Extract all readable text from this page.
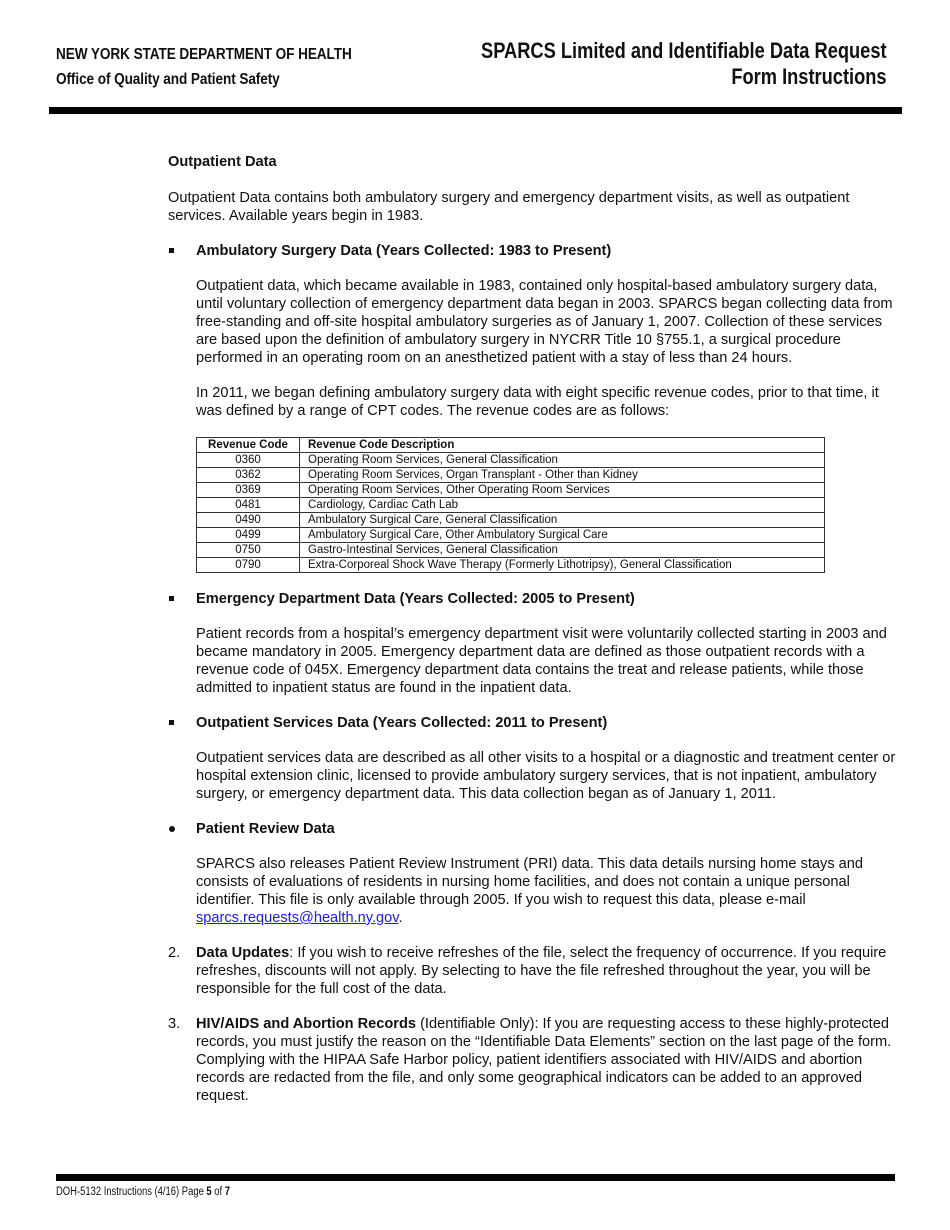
NEW YORK STATE DEPARTMENT OF HEALTH
Office of Quality and Patient Safety
SPARCS Limited and Identifiable Data Request
Form Instructions
Outpatient Data

Outpatient Data contains both ambulatory surgery and emergency department visits, as well as outpatient services. Available years begin in 1983.

Ambulatory Surgery Data (Years Collected: 1983 to Present)

Outpatient data, which became available in 1983, contained only hospital-based ambulatory surgery data, until voluntary collection of emergency department data began in 2003. SPARCS began collecting data from free-standing and off-site hospital ambulatory surgeries as of January 1, 2007. Collection of these services are based upon the definition of ambulatory surgery in NYCRR Title 10 §755.1, a surgical procedure performed in an operating room on an anesthetized patient with a stay of less than 24 hours.

In 2011, we began defining ambulatory surgery data with eight specific revenue codes, prior to that time, it was defined by a range of CPT codes. The revenue codes are as follows:

Revenue Code	Revenue Code Description
0360	Operating Room Services, General Classification
0362	Operating Room Services, Organ Transplant - Other than Kidney
0369	Operating Room Services, Other Operating Room Services
0481	Cardiology, Cardiac Cath Lab
0490	Ambulatory Surgical Care, General Classification
0499	Ambulatory Surgical Care, Other Ambulatory Surgical Care
0750	Gastro-Intestinal Services, General Classification
0790	Extra-Corporeal Shock Wave Therapy (Formerly Lithotripsy), General Classification
Emergency Department Data (Years Collected: 2005 to Present)

Patient records from a hospital’s emergency department visit were voluntarily collected starting in 2003 and became mandatory in 2005. Emergency department data are defined as those outpatient records with a revenue code of 045X. Emergency department data contains the treat and release patients, while those admitted to inpatient status are found in the inpatient data.

Outpatient Services Data (Years Collected: 2011 to Present)

Outpatient services data are described as all other visits to a hospital or a diagnostic and treatment center or hospital extension clinic, licensed to provide ambulatory surgery services, that is not inpatient, ambulatory surgery, or emergency department data. This data collection began as of January 1, 2011.

Patient Review Data

SPARCS also releases Patient Review Instrument (PRI) data. This data details nursing home stays and consists of evaluations of residents in nursing home facilities, and does not contain a unique personal identifier. This file is only available through 2005. If you wish to request this data, please e-mail sparcs.requests@health.ny.gov.

2. Data Updates: If you wish to receive refreshes of the file, select the frequency of occurrence. If you require refreshes, discounts will not apply. By selecting to have the file refreshed throughout the year, you will be responsible for the full cost of the data.
3. HIV/AIDS and Abortion Records (Identifiable Only): If you are requesting access to these highly-protected records, you must justify the reason on the “Identifiable Data Elements” section on the last page of the form. Complying with the HIPAA Safe Harbor policy, patient identifiers associated with HIV/AIDS and abortion records are redacted from the file, and only some geographical indicators can be added to an approved request.
DOH-5132 Instructions (4/16) Page 5 of 7
